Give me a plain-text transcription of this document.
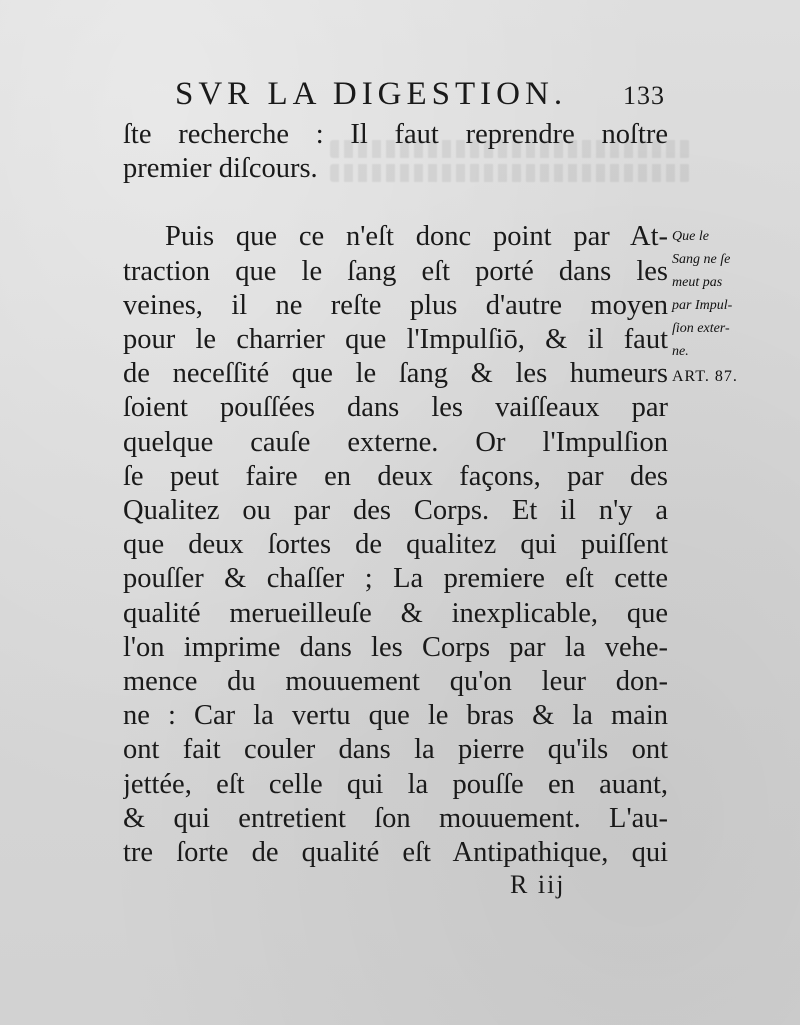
SVR LA DIGESTION. 133
ſte recherche : Il faut reprendre noſtre
premier diſcours.
Puis que ce n'eſt donc point par At-
traction que le ſang eſt porté dans les
veines, il ne reſte plus d'autre moyen
pour le charrier que l'Impulſiō, & il faut
de neceſſité que le ſang & les humeurs
ſoient pouſſées dans les vaiſſeaux par
quelque cauſe externe. Or l'Impulſion
ſe peut faire en deux façons, par des
Qualitez ou par des Corps. Et il n'y a
que deux ſortes de qualitez qui puiſſent
pouſſer & chaſſer ; La premiere eſt cette
qualité merueilleuſe & inexplicable, que
l'on imprime dans les Corps par la vehe-
mence du mouuement qu'on leur don-
ne : Car la vertu que le bras & la main
ont fait couler dans la pierre qu'ils ont
jettée, eſt celle qui la pouſſe en auant,
& qui entretient ſon mouuement. L'au-
tre ſorte de qualité eſt Antipathique, qui
Que le
Sang ne ſe
meut pas
par Impul-
ſion exter-
ne.
ART. 87.
R iij
